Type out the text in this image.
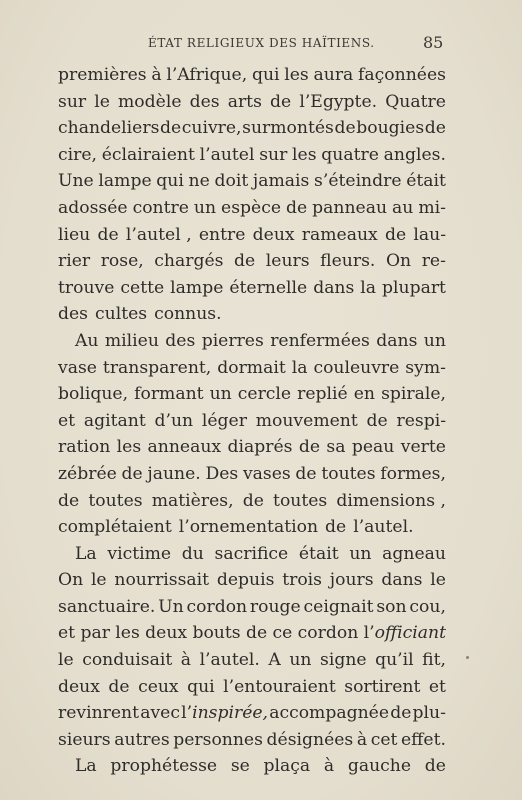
ÉTAT RELIGIEUX DES HAÏTIENS.	85
premières à l’Afrique, qui les aura façonnées
sur le modèle des arts de l’Egypte. Quatre
chandeliers de cuivre, surmontés de bougies de
cire, éclairaient l’autel sur les quatre angles.
Une lampe qui ne doit jamais s’éteindre était
adossée contre un espèce de panneau au mi-
lieu de l’autel , entre deux rameaux de lau-
rier rose, chargés de leurs fleurs. On re-
trouve cette lampe éternelle dans la plupart
des cultes connus.
Au milieu des pierres renfermées dans un
vase transparent, dormait la couleuvre sym-
bolique, formant un cercle replié en spirale,
et agitant d’un léger mouvement de respi-
ration les anneaux diaprés de sa peau verte
zébrée de jaune. Des vases de toutes formes,
de toutes matières, de toutes dimensions ,
complétaient l’ornementation de l’autel.
La victime du sacrifice était un agneau
On le nourrissait depuis trois jours dans le
sanctuaire. Un cordon rouge ceignait son cou,
et par les deux bouts de ce cordon l’officiant
le conduisait à l’autel. A un signe qu’il fit,
deux de ceux qui l’entouraient sortirent et
revinrent avec l’inspirée, accompagnée de plu-
sieurs autres personnes désignées à cet effet.
La prophétesse se plaça à gauche de
